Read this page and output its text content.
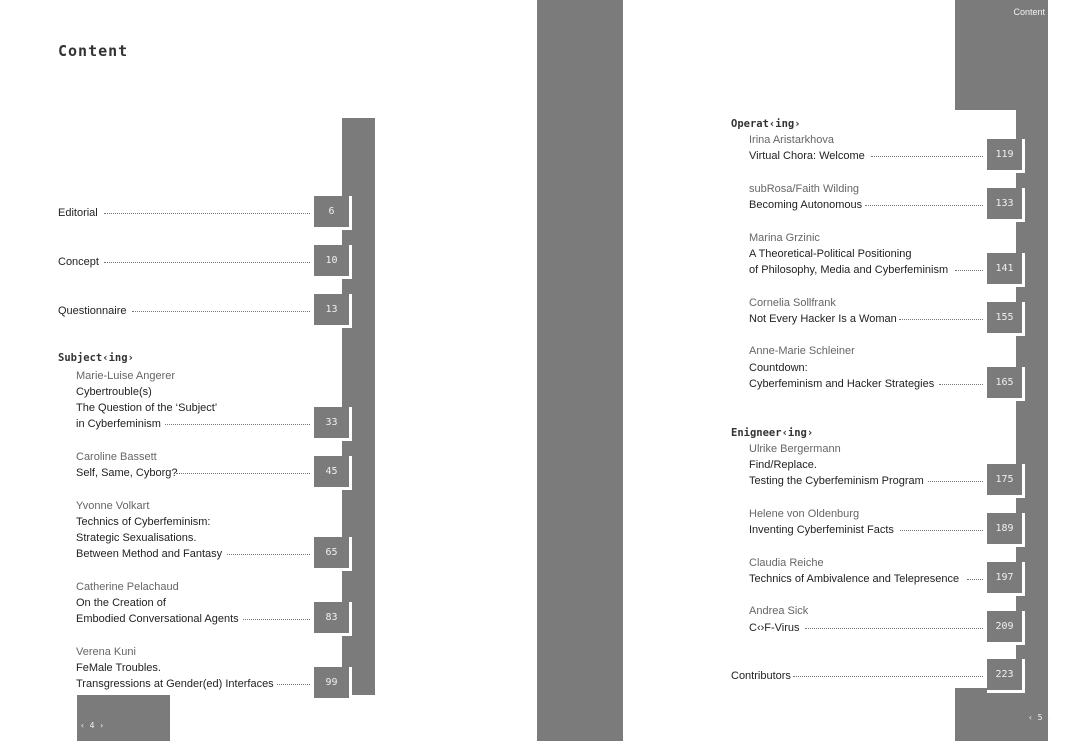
Content
Content
‹ 4 ›
‹ 5 ›
Editorial	6
Concept	10
Questionnaire	13
Subject‹ing›
Marie-Luise Angerer
Cybertrouble(s)
The Question of the ‘Subject’
in Cyberfeminism	33
Caroline Bassett
Self, Same, Cyborg?	45
Yvonne Volkart
Technics of Cyberfeminism:
Strategic Sexualisations.
Between Method and Fantasy	65
Catherine Pelachaud
On the Creation of
Embodied Conversational Agents	83
Verena Kuni
FeMale Troubles.
Transgressions at Gender(ed) Interfaces	99
Operat‹ing›
Irina Aristarkhova
Virtual Chora: Welcome	119
subRosa/Faith Wilding
Becoming Autonomous	133
Marina Grzinic
A Theoretical-Political Positioning
of Philosophy, Media and Cyberfeminism	141
Cornelia Sollfrank
Not Every Hacker Is a Woman	155
Anne-Marie Schleiner
Countdown:
Cyberfeminism and Hacker Strategies	165
Enigneer‹ing›
Ulrike Bergermann
Find/Replace.
Testing the Cyberfeminism Program	175
Helene von Oldenburg
Inventing Cyberfeminist Facts	189
Claudia Reiche
Technics of Ambivalence and Telepresence	197
Andrea Sick
C‹›F-Virus	209
Contributors	223
